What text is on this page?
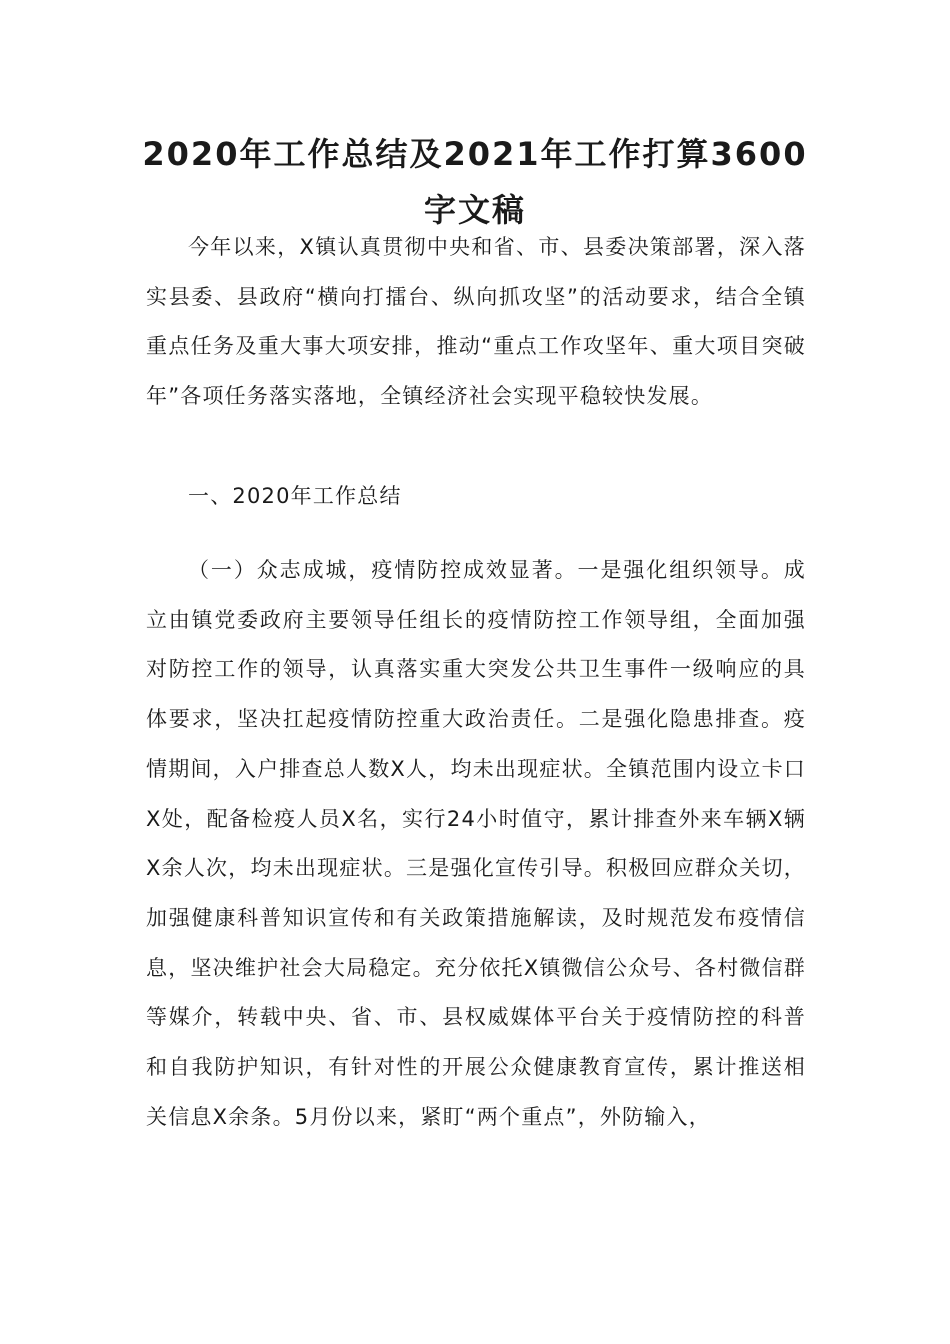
2020年工作总结及2021年工作打算3600字文稿

今年以来，X镇认真贯彻中央和省、市、县委决策部署，深入落实县委、县政府“横向打擂台、纵向抓攻坚”的活动要求，结合全镇重点任务及重大事大项安排，推动“重点工作攻坚年、重大项目突破年”各项任务落实落地，全镇经济社会实现平稳较快发展。

一、2020年工作总结

（一）众志成城，疫情防控成效显著。一是强化组织领导。成立由镇党委政府主要领导任组长的疫情防控工作领导组，全面加强对防控工作的领导，认真落实重大突发公共卫生事件一级响应的具体要求，坚决扛起疫情防控重大政治责任。二是强化隐患排查。疫情期间，入户排查总人数X人，均未出现症状。全镇范围内设立卡口X处，配备检疫人员X名，实行24小时值守，累计排查外来车辆X辆X余人次，均未出现症状。三是强化宣传引导。积极回应群众关切，加强健康科普知识宣传和有关政策措施解读，及时规范发布疫情信息，坚决维护社会大局稳定。充分依托X镇微信公众号、各村微信群等媒介，转载中央、省、市、县权威媒体平台关于疫情防控的科普和自我防护知识，有针对性的开展公众健康教育宣传，累计推送相关信息X余条。5月份以来，紧盯“两个重点”，外防输入，
